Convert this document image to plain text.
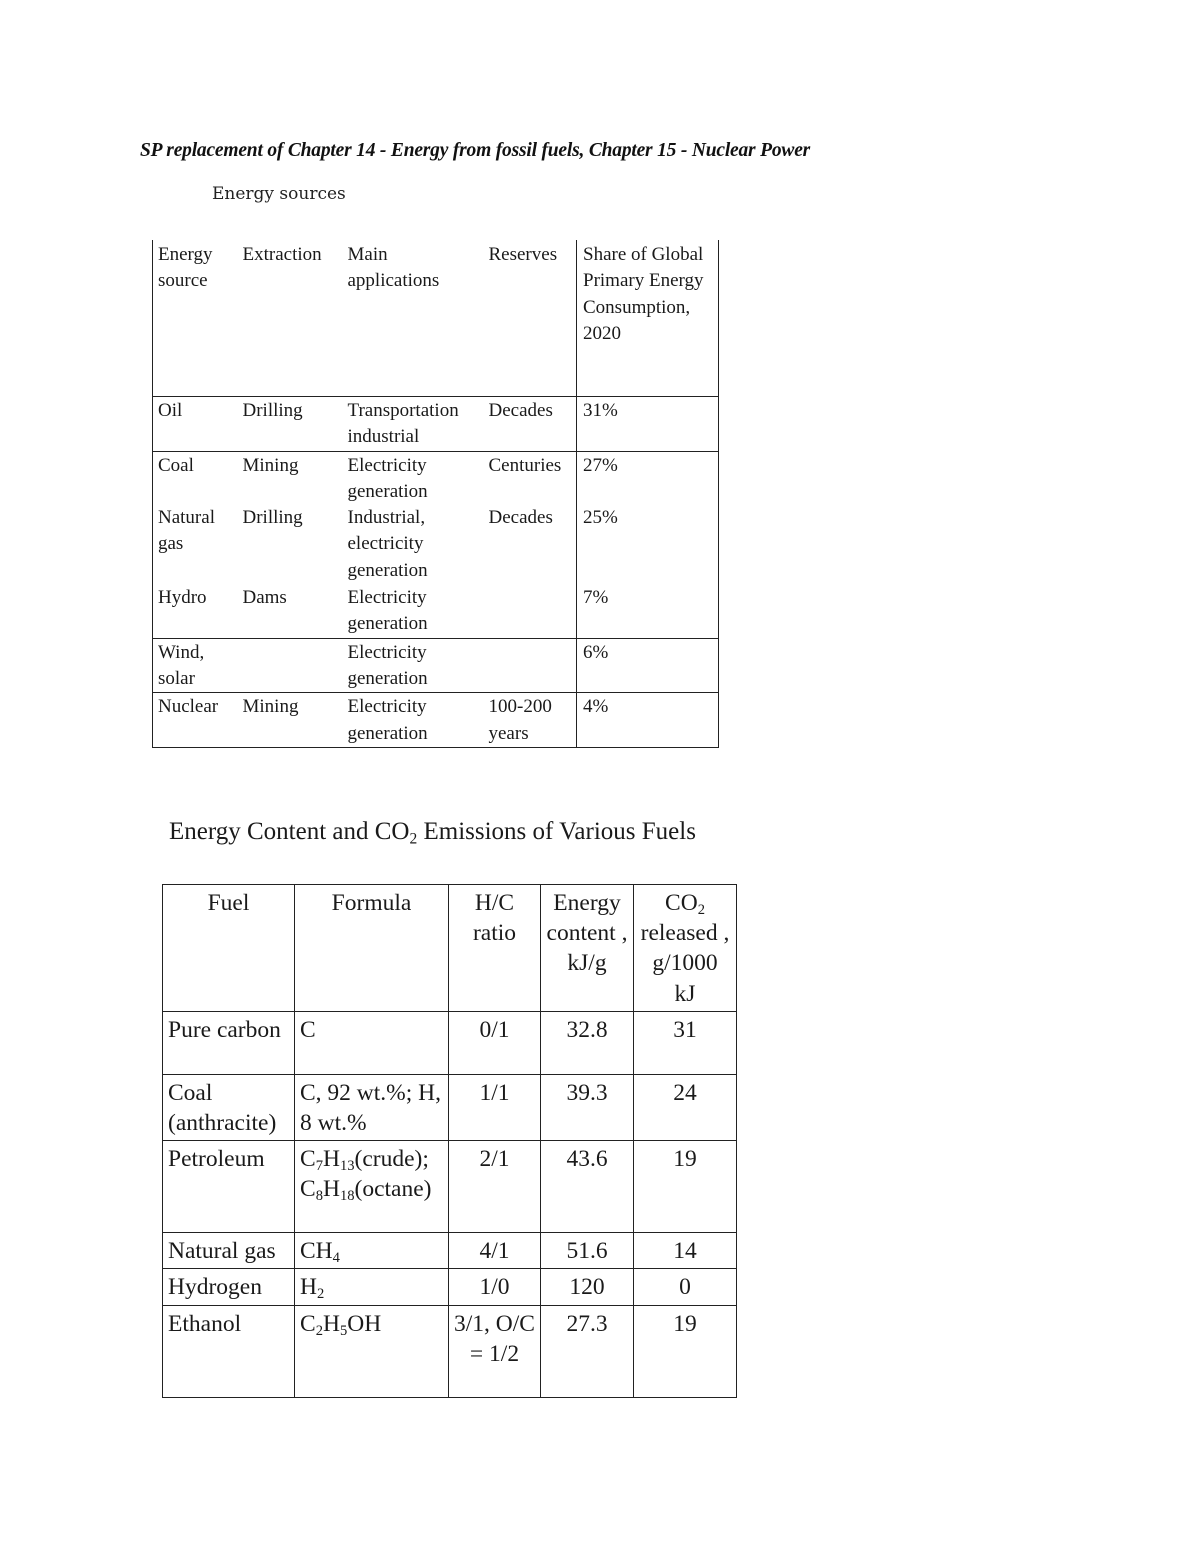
SP replacement of Chapter 14 - Energy from fossil fuels, Chapter 15 - Nuclear Power
Energy sources
Energy source	Extraction	Main applications	Reserves	Share of Global Primary Energy Consumption, 2020
Oil	Drilling	Transportation industrial	Decades	31%
Coal	Mining	Electricity generation	Centuries	27%
Natural gas	Drilling	Industrial, electricity generation	Decades	25%
Hydro	Dams	Electricity generation		7%
Wind, solar		Electricity generation		6%
Nuclear	Mining	Electricity generation	100-200 years	4%
Energy Content and $CO_2$ Emissions of Various Fuels
Fuel	Formula	H/C ratio	Energy content , kJ/g	$CO_2$ released , g/1000 kJ
Pure carbon	C	0/1	32.8	31
Coal (anthracite)	C, 92 wt.%; H, 8 wt.%	1/1	39.3	24
Petroleum	$C_7H_{13}(crude)$; $C_8H_{18}(octane)$	2/1	43.6	19
Natural gas	$CH_4$	4/1	51.6	14
Hydrogen	$H_2$	1/0	120	0
Ethanol	$C_2H_5OH$	3/1, O/C = 1/2	27.3	19
